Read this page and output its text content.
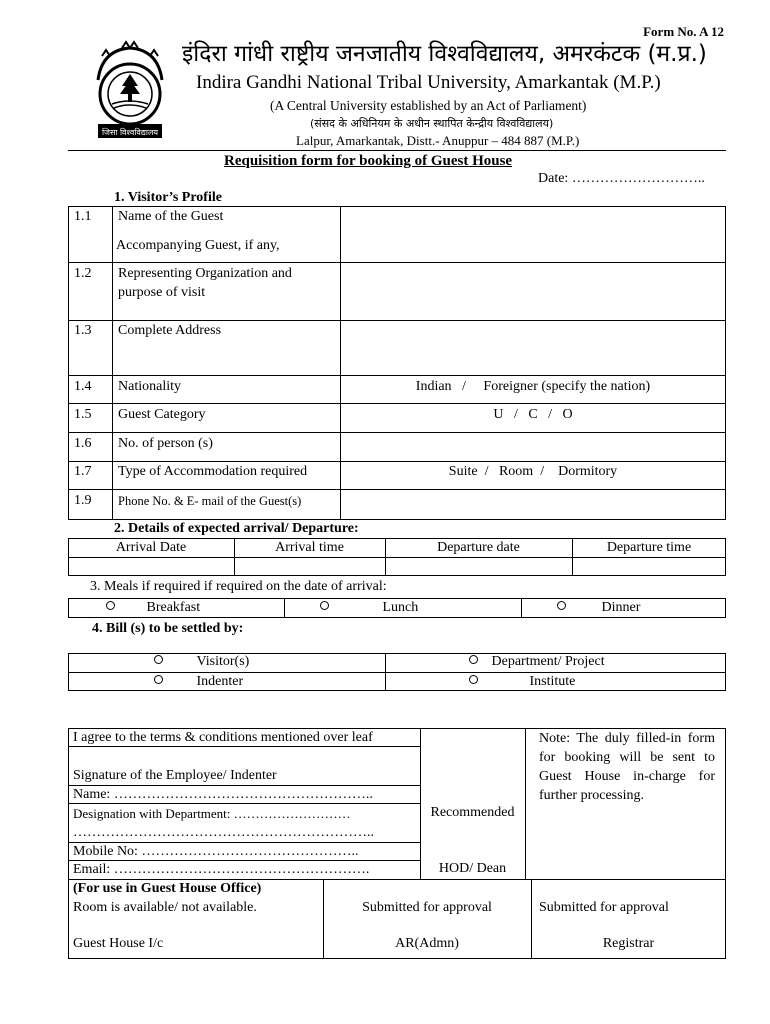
Form No. A 12
जिसा विश्वविद्यालय
इंदिरा गांधी राष्ट्रीय जनजातीय विश्वविद्यालय, अमरकंटक (म.प्र.)
Indira Gandhi National Tribal University, Amarkantak (M.P.)
(A Central University established by an Act of Parliament)
(संसद के अधिनियम के अधीन स्थापित केन्द्रीय विश्वविद्यालय)
Lalpur, Amarkantak, Distt.- Anuppur – 484 887 (M.P.)
Requisition form for booking of Guest House
Date: ………………………..
1. Visitor’s Profile
1.1 Name of the Guest
Accompanying Guest, if any,
1.2 Representing Organization and
purpose of visit
1.3 Complete Address
1.4 Nationality	Indian   /     Foreigner (specify the nation)
1.5 Guest Category	U   /   C   /   O
1.6 No. of person (s)
1.7 Type of Accommodation required	Suite  /   Room  /    Dormitory
1.9 Phone No. & E- mail of the Guest(s)
2. Details of expected arrival/ Departure:
Arrival Date	Arrival time	Departure date	Departure time
3. Meals if required if required on the date of arrival:
Breakfast	Lunch	Dinner
4. Bill (s) to be settled by:
Visitor(s)	Department/ Project
Indenter	Institute
I agree to the terms & conditions mentioned over leaf
Signature of the Employee/ Indenter
Name: ………………………………………………..
Designation with Department: ………………………
………………………………………………………..
Mobile No: ………………………………………..
Email: ……………………………………………….
Recommended
HOD/ Dean
Note: The duly filled-in form for booking will be sent to Guest House in-charge for further processing.
(For use in Guest House Office)
Room is available/ not available.
Guest House I/c
Submitted for approval
AR(Admn)
Submitted for approval
Registrar
